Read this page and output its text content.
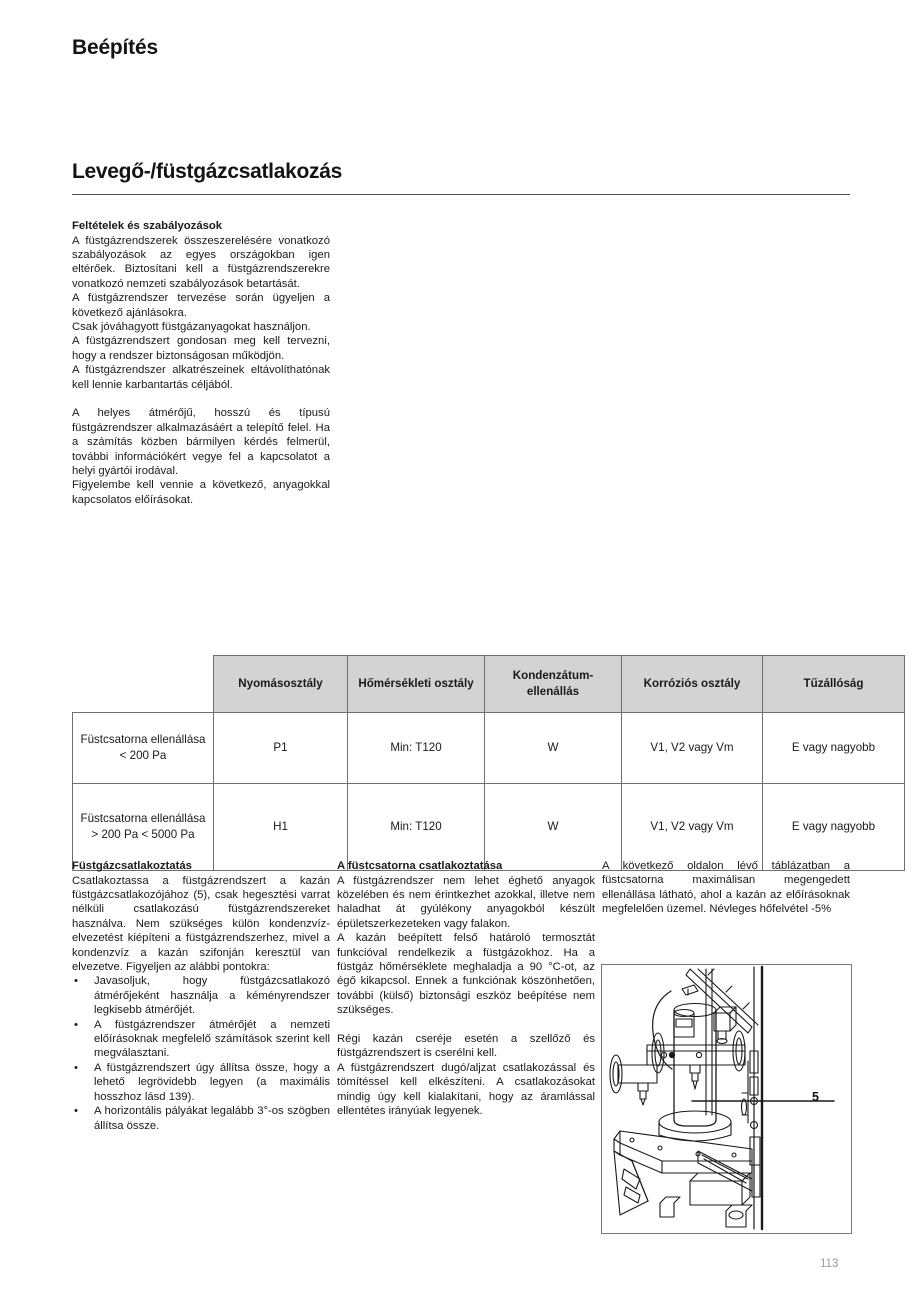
Beépítés
Levegő-/füstgázcsatlakozás

Feltételek és szabályozások

A füstgázrendszerek összeszerelésére vonatkozó szabályozások az egyes országokban igen eltérőek. Biztosítani kell a füstgázrendszerekre vonatkozó nemzeti szabályozások betartását.

A füstgázrendszer tervezése során ügyeljen a következő ajánlásokra.

Csak jóváhagyott füstgázanyagokat használjon.

A füstgázrendszert gondosan meg kell tervezni, hogy a rendszer biztonságosan működjön.

A füstgázrendszer alkatrészeinek eltávolíthatónak kell lennie karbantartás céljából.

A helyes átmérőjű, hosszú és típusú füstgázrendszer alkalmazásáért a telepítő felel. Ha a számítás közben bármilyen kérdés felmerül, további információkért vegye fel a kapcsolatot a helyi gyártói irodával.

Figyelembe kell vennie a következő, anyagokkal kapcsolatos előírásokat.

	Nyomásosztály	Hőmérsékleti osztály	Kondenzátum-ellenállás	Korróziós osztály	Tűzállóság
Füstcsatorna ellenállása < 200 Pa	P1	Min: T120	W	V1, V2 vagy Vm	E vagy nagyobb
Füstcsatorna ellenállása > 200 Pa < 5000 Pa	H1	Min: T120	W	V1, V2 vagy Vm	E vagy nagyobb

Füstgázcsatlakoztatás

Csatlakoztassa a füstgázrendszert a kazán füstgázcsatlakozójához (5), csak hegesztési varrat nélküli csatlakozású füstgázrendszereket használva. Nem szükséges külön kondenzvíz-elvezetést kiépíteni a füstgázrendszerhez, mivel a kondenzvíz a kazán szifonján keresztül van elvezetve. Figyeljen az alábbi pontokra:

• Javasoljuk, hogy füstgázcsatlakozó átmérőjeként használja a kéményrendszer legkisebb átmérőjét.
• A füstgázrendszer átmérőjét a nemzeti előírásoknak megfelelő számítások szerint kell megválasztani.
• A füstgázrendszert úgy állítsa össze, hogy a lehető legrövidebb legyen (a maximális hosszhoz lásd 139).
• A horizontális pályákat legalább 3°-os szögben állítsa össze.

A füstcsatorna csatlakoztatása

A füstgázrendszer nem lehet éghető anyagok közelében és nem érintkezhet azokkal, illetve nem haladhat át gyúlékony anyagokból készült épületszerkezeteken vagy falakon.

A kazán beépített felső határoló termosztát funkcióval rendelkezik a füstgázokhoz. Ha a füstgáz hőmérséklete meghaladja a 90 °C-ot, az égő kikapcsol. Ennek a funkciónak köszönhetően, további (külső) biztonsági eszköz beépítése nem szükséges.

Régi kazán cseréje esetén a szellőző és füstgázrendszert is cserélni kell.

A füstgázrendszert dugó/aljzat csatlakozással és tömítéssel kell elkészíteni. A csatlakozásokat mindig úgy kell kialakítani, hogy az áramlással ellentétes irányúak legyenek.

A következő oldalon lévő táblázatban a füstcsatorna maximálisan megengedett ellenállása látható, ahol a kazán az előírásoknak megfelelően üzemel. Névleges hőfelvétel -5%

5
113
